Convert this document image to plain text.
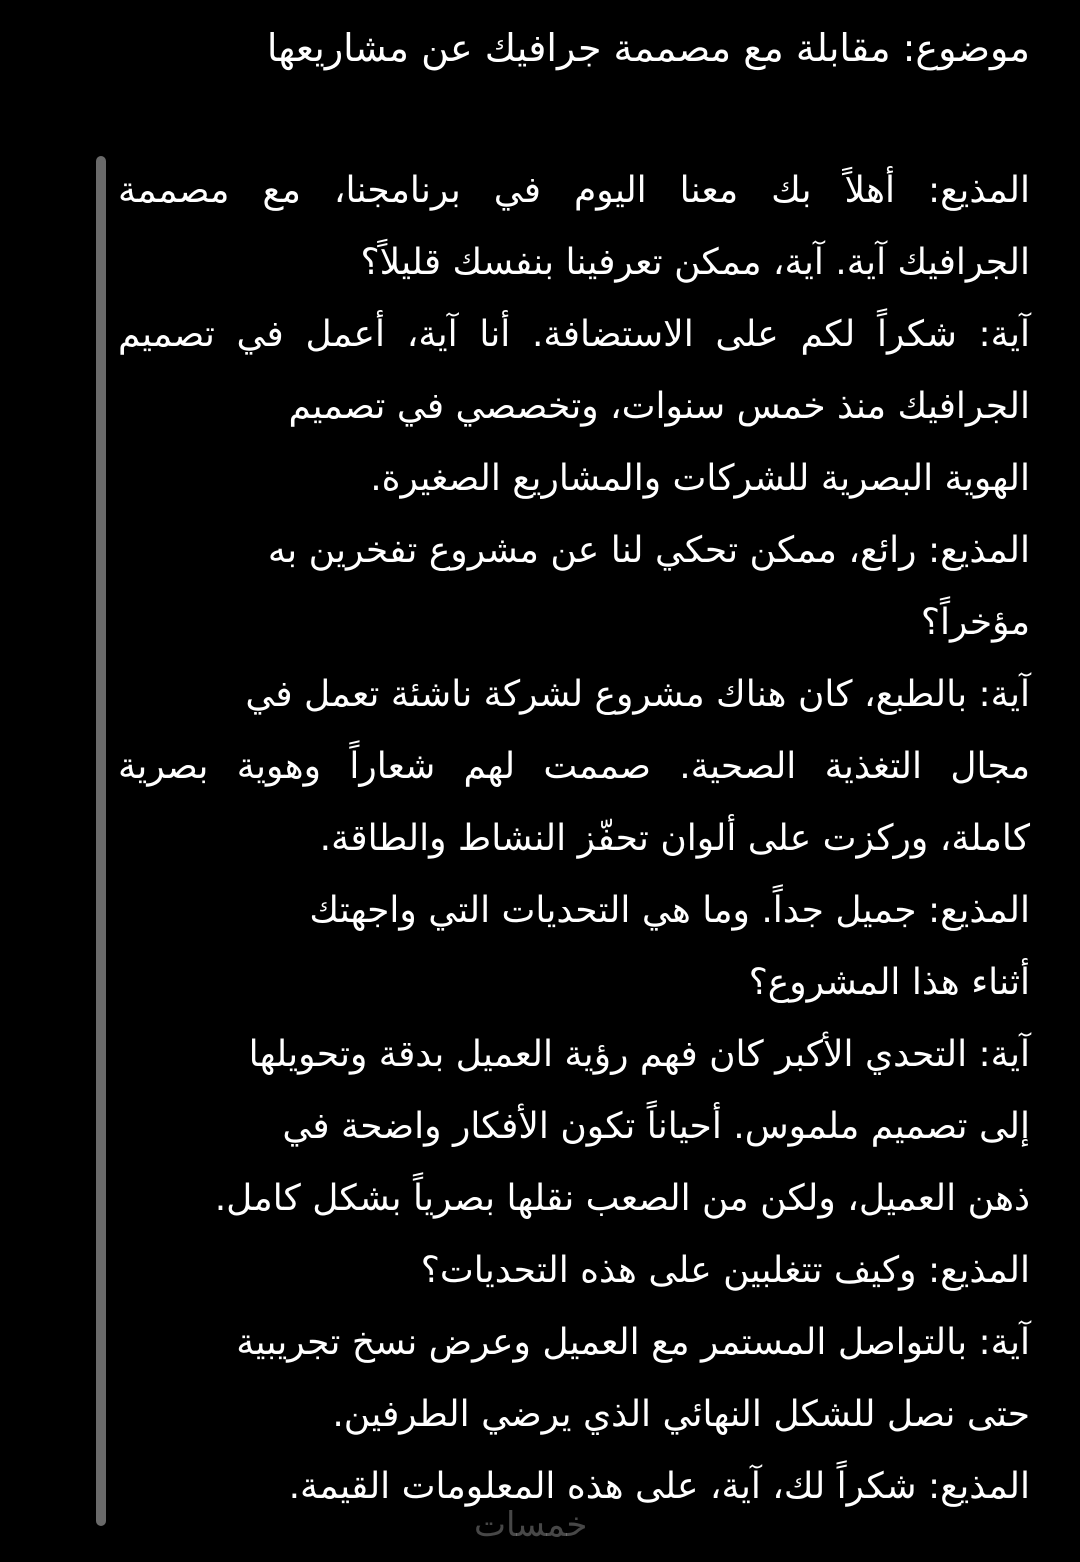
موضوع: مقابلة مع مصممة جرافيك عن مشاريعها
المذيع: أهلاً بك معنا اليوم في برنامجنا، مع مصممة
الجرافيك آية. آية، ممكن تعرفينا بنفسك قليلاً؟
آية: شكراً لكم على الاستضافة. أنا آية، أعمل في تصميم
الجرافيك منذ خمس سنوات، وتخصصي في تصميم
الهوية البصرية للشركات والمشاريع الصغيرة.
المذيع: رائع، ممكن تحكي لنا عن مشروع تفخرين به
مؤخراً؟
آية: بالطبع، كان هناك مشروع لشركة ناشئة تعمل في
مجال التغذية الصحية. صممت لهم شعاراً وهوية بصرية
كاملة، وركزت على ألوان تحفّز النشاط والطاقة.
المذيع: جميل جداً. وما هي التحديات التي واجهتك
أثناء هذا المشروع؟
آية: التحدي الأكبر كان فهم رؤية العميل بدقة وتحويلها
إلى تصميم ملموس. أحياناً تكون الأفكار واضحة في
ذهن العميل، ولكن من الصعب نقلها بصرياً بشكل كامل.
المذيع: وكيف تتغلبين على هذه التحديات؟
آية: بالتواصل المستمر مع العميل وعرض نسخ تجريبية
حتى نصل للشكل النهائي الذي يرضي الطرفين.
المذيع: شكراً لك، آية، على هذه المعلومات القيمة.
خمسات
